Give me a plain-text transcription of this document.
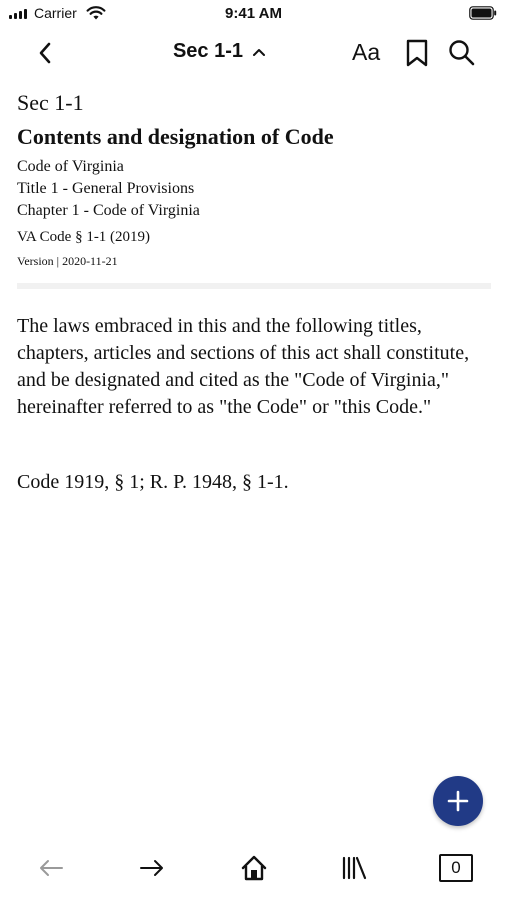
Carrier	9:41 AM
Sec 1-1	Aa
Sec 1-1
Contents and designation of Code
Code of Virginia
Title 1 - General Provisions
Chapter 1 - Code of Virginia
VA Code § 1-1 (2019)
Version | 2020-11-21
The laws embraced in this and the following titles, chapters, articles and sections of this act shall constitute, and be designated and cited as the "Code of Virginia," hereinafter referred to as "the Code" or "this Code."
Code 1919, § 1; R. P. 1948, § 1-1.
0
